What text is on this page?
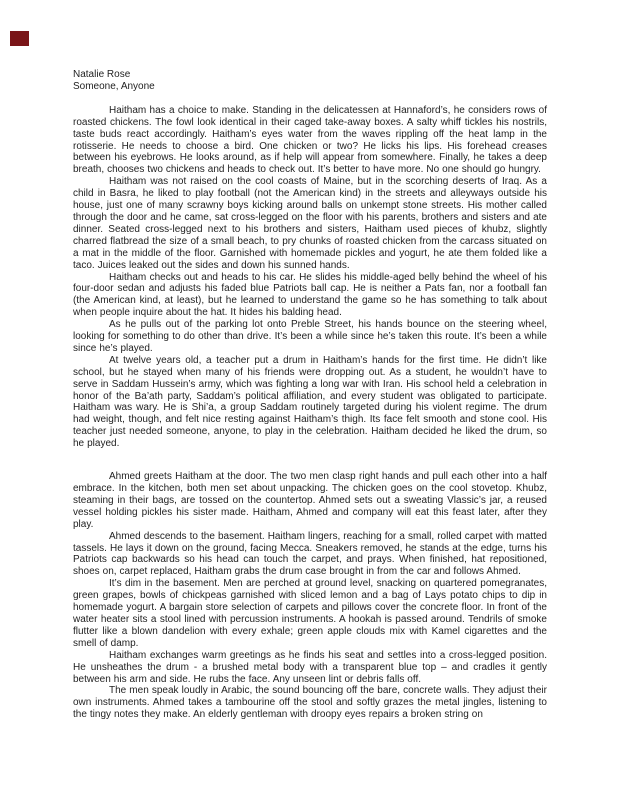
Natalie Rose

Someone, Anyone

Haitham has a choice to make. Standing in the delicatessen at Hannaford’s, he considers rows of roasted chickens. The fowl look identical in their caged take-away boxes. A salty whiff tickles his nostrils, taste buds react accordingly. Haitham’s eyes water from the waves rippling off the heat lamp in the rotisserie. He needs to choose a bird. One chicken or two? He licks his lips. His forehead creases between his eyebrows. He looks around, as if help will appear from somewhere. Finally, he takes a deep breath, chooses two chickens and heads to check out. It’s better to have more. No one should go hungry.

Haitham was not raised on the cool coasts of Maine, but in the scorching deserts of Iraq. As a child in Basra, he liked to play football (not the American kind) in the streets and alleyways outside his house, just one of many scrawny boys kicking around balls on unkempt stone streets. His mother called through the door and he came, sat cross-legged on the floor with his parents, brothers and sisters and ate dinner. Seated cross-legged next to his brothers and sisters, Haitham used pieces of khubz, slightly charred flatbread the size of a small beach, to pry chunks of roasted chicken from the carcass situated on a mat in the middle of the floor. Garnished with homemade pickles and yogurt, he ate them folded like a taco. Juices leaked out the sides and down his sunned hands.

Haitham checks out and heads to his car. He slides his middle-aged belly behind the wheel of his four-door sedan and adjusts his faded blue Patriots ball cap. He is neither a Pats fan, nor a football fan (the American kind, at least), but he learned to understand the game so he has something to talk about when people inquire about the hat. It hides his balding head.

As he pulls out of the parking lot onto Preble Street, his hands bounce on the steering wheel, looking for something to do other than drive. It’s been a while since he’s taken this route. It’s been a while since he’s played.

At twelve years old, a teacher put a drum in Haitham’s hands for the first time. He didn’t like school, but he stayed when many of his friends were dropping out. As a student, he wouldn’t have to serve in Saddam Hussein’s army, which was fighting a long war with Iran. His school held a celebration in honor of the Ba’ath party, Saddam’s political affiliation, and every student was obligated to participate. Haitham was wary. He is Shi’a, a group Saddam routinely targeted during his violent regime. The drum had weight, though, and felt nice resting against Haitham’s thigh. Its face felt smooth and stone cool. His teacher just needed someone, anyone, to play in the celebration. Haitham decided he liked the drum, so he played.

Ahmed greets Haitham at the door. The two men clasp right hands and pull each other into a half embrace. In the kitchen, both men set about unpacking. The chicken goes on the cool stovetop. Khubz, steaming in their bags, are tossed on the countertop. Ahmed sets out a sweating Vlassic’s jar, a reused vessel holding pickles his sister made. Haitham, Ahmed and company will eat this feast later, after they play.

Ahmed descends to the basement. Haitham lingers, reaching for a small, rolled carpet with matted tassels. He lays it down on the ground, facing Mecca. Sneakers removed, he stands at the edge, turns his Patriots cap backwards so his head can touch the carpet, and prays. When finished, hat repositioned, shoes on, carpet replaced, Haitham grabs the drum case brought in from the car and follows Ahmed.

It’s dim in the basement. Men are perched at ground level, snacking on quartered pomegranates, green grapes, bowls of chickpeas garnished with sliced lemon and a bag of Lays potato chips to dip in homemade yogurt. A bargain store selection of carpets and pillows cover the concrete floor. In front of the water heater sits a stool lined with percussion instruments. A hookah is passed around. Tendrils of smoke flutter like a blown dandelion with every exhale; green apple clouds mix with Kamel cigarettes and the smell of damp.

Haitham exchanges warm greetings as he finds his seat and settles into a cross-legged position. He unsheathes the drum - a brushed metal body with a transparent blue top – and cradles it gently between his arm and side. He rubs the face. Any unseen lint or debris falls off.

The men speak loudly in Arabic, the sound bouncing off the bare, concrete walls. They adjust their own instruments. Ahmed takes a tambourine off the stool and softly grazes the metal jingles, listening to the tingy notes they make. An elderly gentleman with droopy eyes repairs a broken string on
